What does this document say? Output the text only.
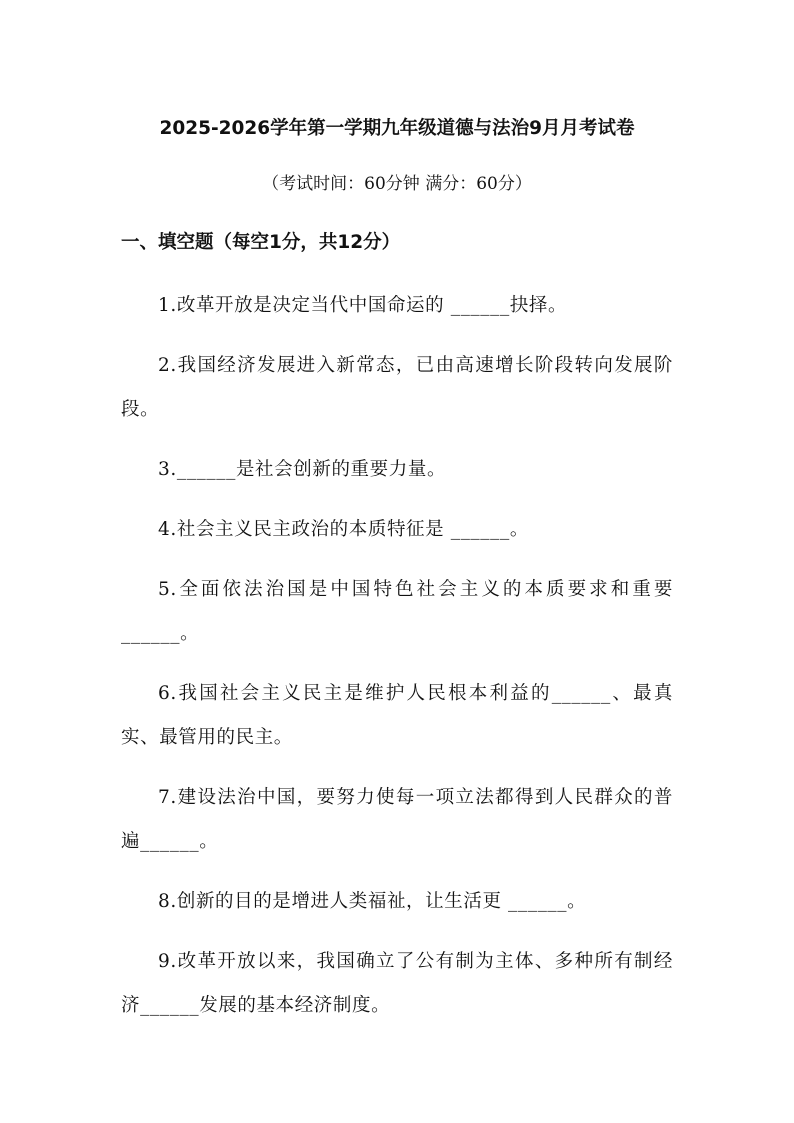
2025-2026学年第一学期九年级道德与法治9月月考试卷
（考试时间：60分钟 满分：60分）
一、填空题（每空1分，共12分）
1.改革开放是决定当代中国命运的 ______抉择。
2.我国经济发展进入新常态，已由高速增长阶段转向发展阶段。
3.______是社会创新的重要力量。
4.社会主义民主政治的本质特征是 ______。
5.全面依法治国是中国特色社会主义的本质要求和重要______。
6.我国社会主义民主是维护人民根本利益的______、最真实、最管用的民主。
7.建设法治中国，要努力使每一项立法都得到人民群众的普遍______。
8.创新的目的是增进人类福祉，让生活更 ______。
9.改革开放以来，我国确立了公有制为主体、多种所有制经济______发展的基本经济制度。
